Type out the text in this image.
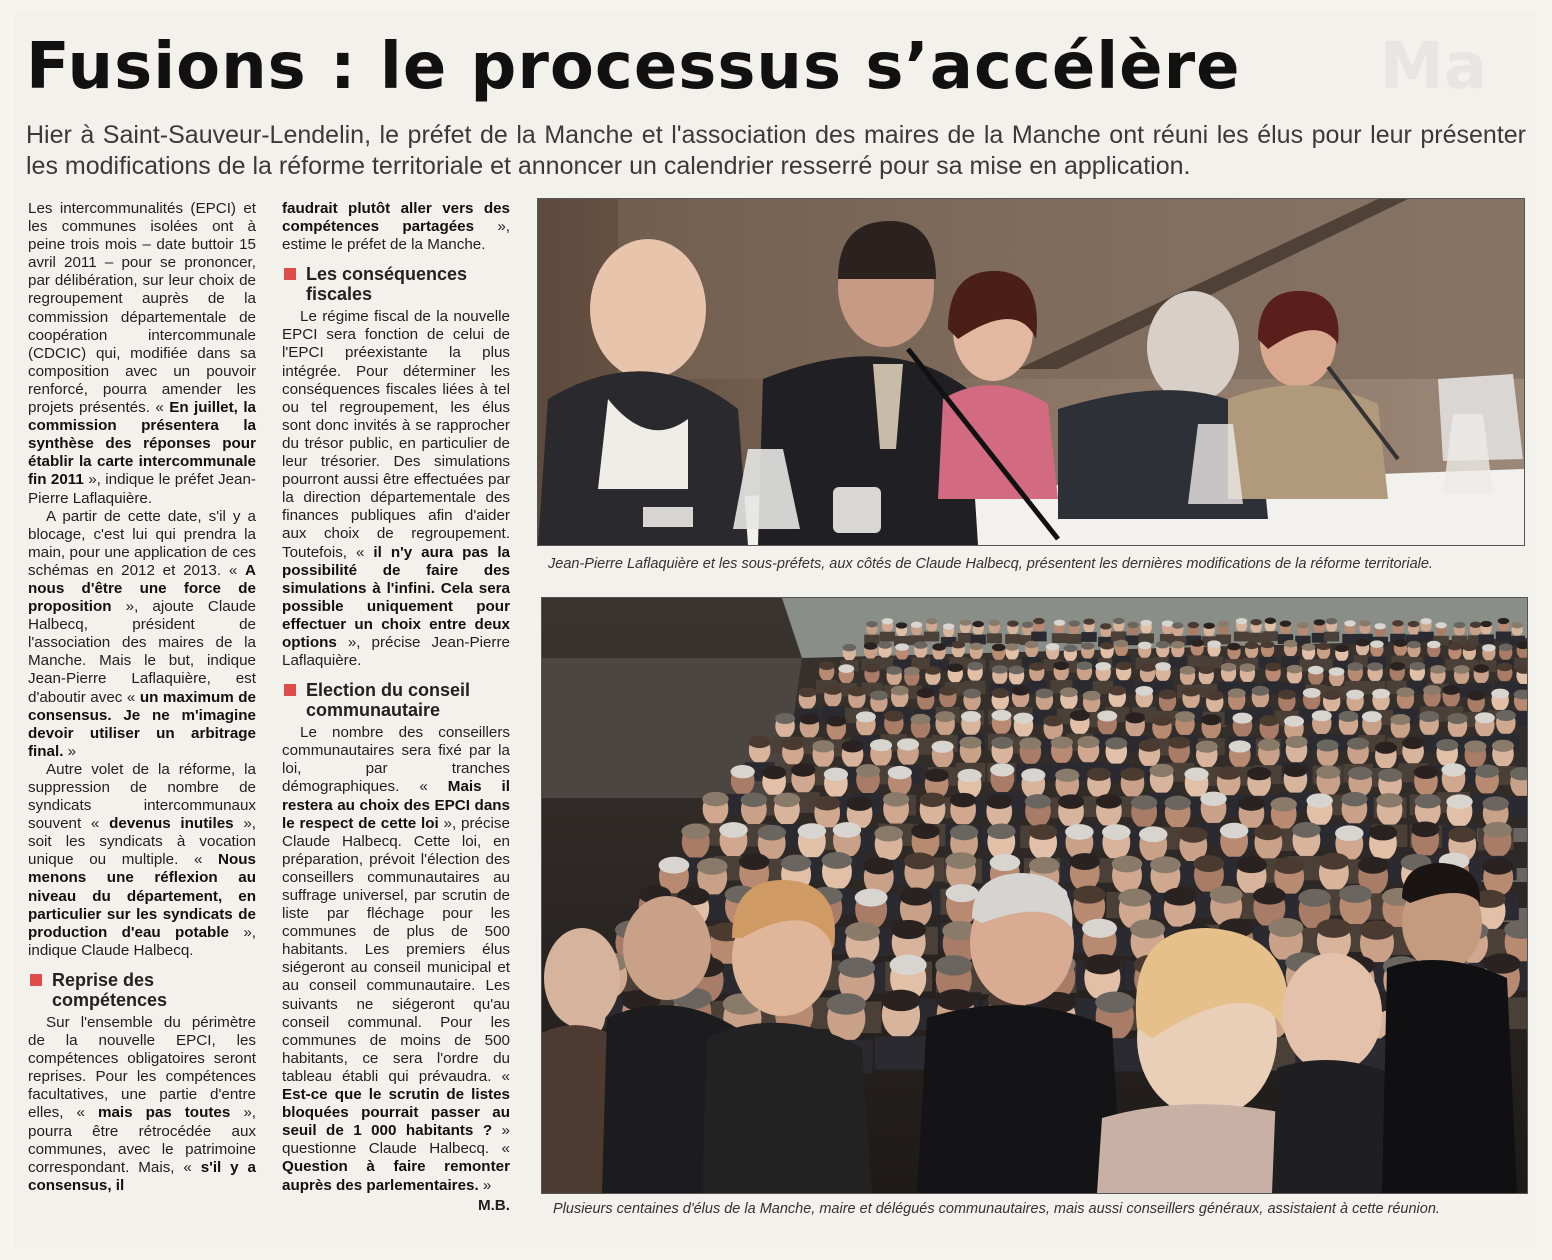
Ma
Fusions : le processus s’accélère

Hier à Saint-Sauveur-Lendelin, le préfet de la Manche et l'association des maires de la Manche ont réuni les élus pour leur présenter les modifications de la réforme territoriale et annoncer un calendrier resserré pour sa mise en application.

Les intercommunalités (EPCI) et les communes isolées ont à peine trois mois – date buttoir 15 avril 2011 – pour se prononcer, par délibération, sur leur choix de regroupement auprès de la commission départementale de coopération intercommunale (CDCIC) qui, modifiée dans sa composition avec un pouvoir renforcé, pourra amender les projets présentés. « En juillet, la commission présentera la synthèse des réponses pour établir la carte intercommunale fin 2011 », indique le préfet Jean-Pierre Laflaquière.

A partir de cette date, s'il y a blocage, c'est lui qui prendra la main, pour une application de ces schémas en 2012 et 2013. « A nous d'être une force de proposition », ajoute Claude Halbecq, président de l'association des maires de la Manche. Mais le but, indique Jean-Pierre Laflaquière, est d'aboutir avec « un maximum de consensus. Je ne m'imagine devoir utiliser un arbitrage final. »

Autre volet de la réforme, la suppression de nombre de syndicats intercommunaux souvent « devenus inutiles », soit les syndicats à vocation unique ou multiple. « Nous menons une réflexion au niveau du département, en particulier sur les syndicats de production d'eau potable », indique Claude Halbecq.

Reprise des compétences

Sur l'ensemble du périmètre de la nouvelle EPCI, les compétences obligatoires seront reprises. Pour les compétences facultatives, une partie d'entre elles, « mais pas toutes », pourra être rétrocédée aux communes, avec le patrimoine correspondant. Mais, « s'il y a consensus, il

faudrait plutôt aller vers des compétences partagées », estime le préfet de la Manche.

Les conséquences fiscales

Le régime fiscal de la nouvelle EPCI sera fonction de celui de l'EPCI préexistante la plus intégrée. Pour déterminer les conséquences fiscales liées à tel ou tel regroupement, les élus sont donc invités à se rapprocher du trésor public, en particulier de leur trésorier. Des simulations pourront aussi être effectuées par la direction départementale des finances publiques afin d'aider aux choix de regroupement. Toutefois, « il n'y aura pas la possibilité de faire des simulations à l'infini. Cela sera possible uniquement pour effectuer un choix entre deux options », précise Jean-Pierre Laflaquière.

Election du conseil communautaire

Le nombre des conseillers communautaires sera fixé par la loi, par tranches démographiques. « Mais il restera au choix des EPCI dans le respect de cette loi », précise Claude Halbecq. Cette loi, en préparation, prévoit l'élection des conseillers communautaires au suffrage universel, par scrutin de liste par fléchage pour les communes de plus de 500 habitants. Les premiers élus siégeront au conseil municipal et au conseil communautaire. Les suivants ne siégeront qu'au conseil communal. Pour les communes de moins de 500 habitants, ce sera l'ordre du tableau établi qui prévaudra. « Est-ce que le scrutin de listes bloquées pourrait passer au seuil de 1 000 habitants ? » questionne Claude Halbecq. « Question à faire remonter auprès des parlementaires. »

M.B.

Jean-Pierre Laflaquière et les sous-préfets, aux côtés de Claude Halbecq, présentent les dernières modifications de la réforme territoriale.

Plusieurs centaines d'élus de la Manche, maire et délégués communautaires, mais aussi conseillers généraux, assistaient à cette réunion.
